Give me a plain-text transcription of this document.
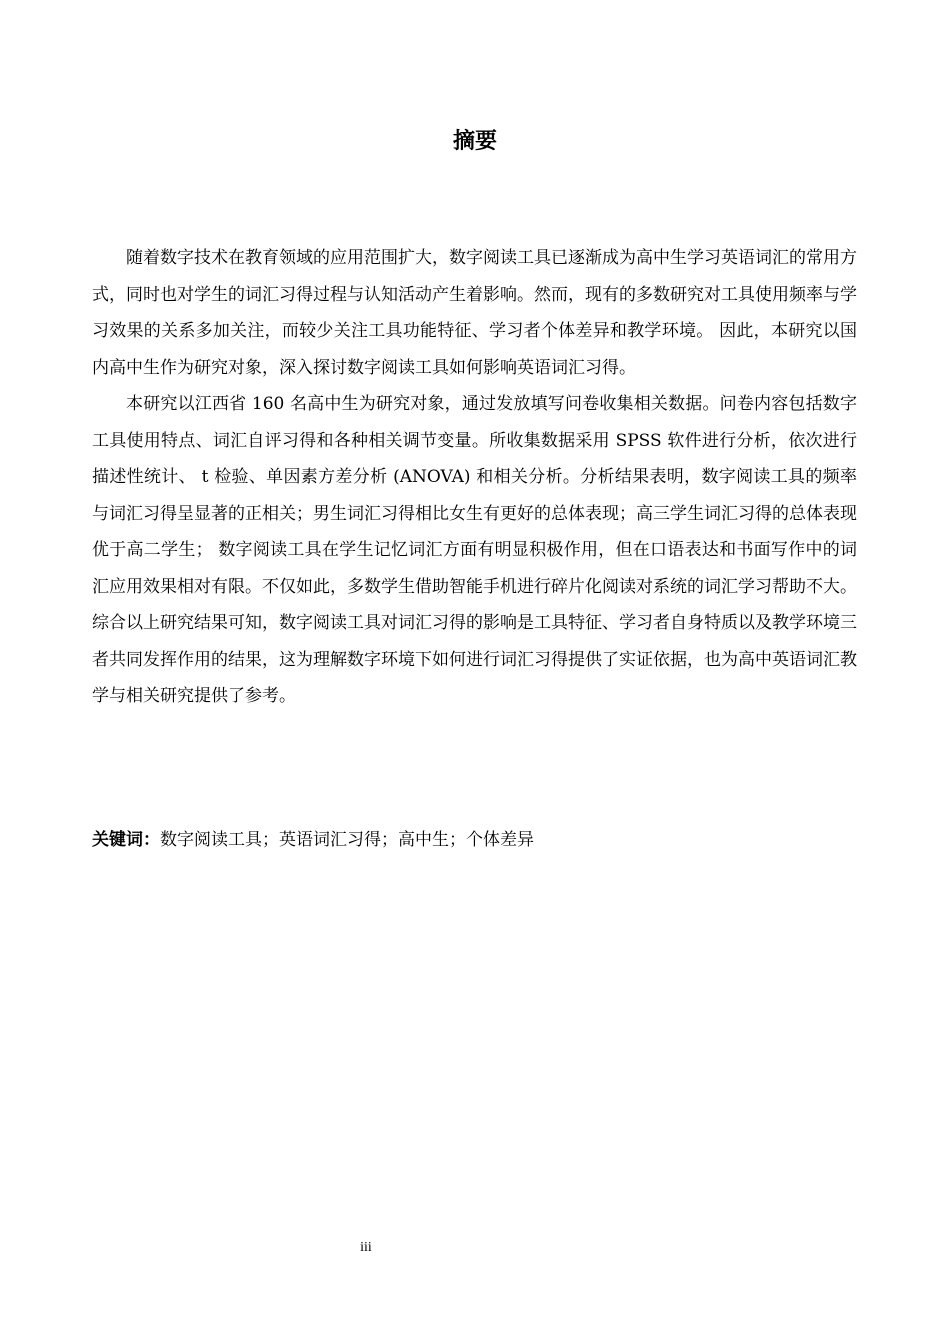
摘要

随着数字技术在教育领域的应用范围扩大，数字阅读工具已逐渐成为高中生学习英语词汇的常用方式，同时也对学生的词汇习得过程与认知活动产生着影响。然而，现有的多数研究对工具使用频率与学习效果的关系多加关注，而较少关注工具功能特征、学习者个体差异和教学环境。 因此，本研究以国内高中生作为研究对象，深入探讨数字阅读工具如何影响英语词汇习得。

本研究以江西省 160 名高中生为研究对象，通过发放填写问卷收集相关数据。问卷内容包括数字工具使用特点、词汇自评习得和各种相关调节变量。所收集数据采用 SPSS 软件进行分析，依次进行描述性统计、 t 检验、单因素方差分析 (ANOVA) 和相关分析。分析结果表明，数字阅读工具的频率与词汇习得呈显著的正相关；男生词汇习得相比女生有更好的总体表现；高三学生词汇习得的总体表现优于高二学生； 数字阅读工具在学生记忆词汇方面有明显积极作用，但在口语表达和书面写作中的词汇应用效果相对有限。不仅如此，多数学生借助智能手机进行碎片化阅读对系统的词汇学习帮助不大。综合以上研究结果可知，数字阅读工具对词汇习得的影响是工具特征、学习者自身特质以及教学环境三者共同发挥作用的结果，这为理解数字环境下如何进行词汇习得提供了实证依据，也为高中英语词汇教学与相关研究提供了参考。

关键词：数字阅读工具；英语词汇习得；高中生；个体差异

iii
